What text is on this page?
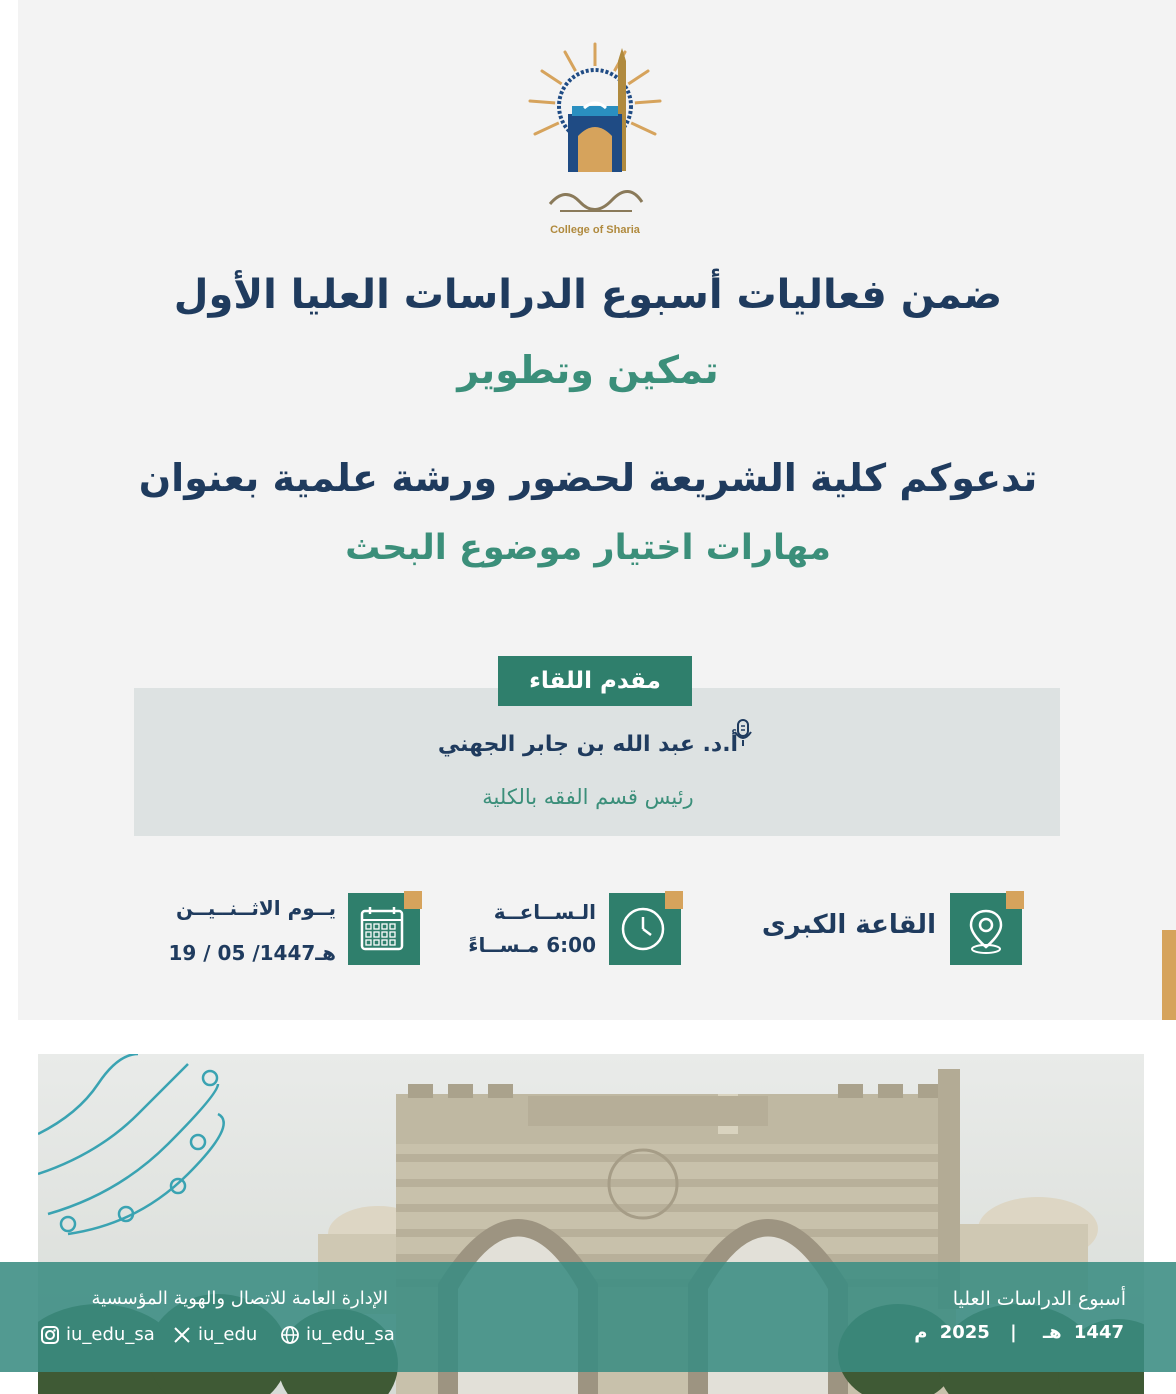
College of Sharia
ضمن فعاليات أسبوع الدراسات العليا الأول
تمكين وتطوير
تدعوكم كلية الشريعة لحضور ورشة علمية بعنوان
مهارات اختيار موضوع البحث
مقدم اللقاء
أ.د. عبد الله بن جابر الجهني
رئيس قسم الفقه بالكلية
القاعة الكبرى
الـســاعــة
6:00 مـســاءً
يــوم الاثــنــيــن
19 / 05 /1447هـ
أسبوع الدراسات العليا
1447 هـ | 2025 م
الإدارة العامة للاتصال والهوية المؤسسية
iu_edu_sa iu_edu	iu_edu_sa
